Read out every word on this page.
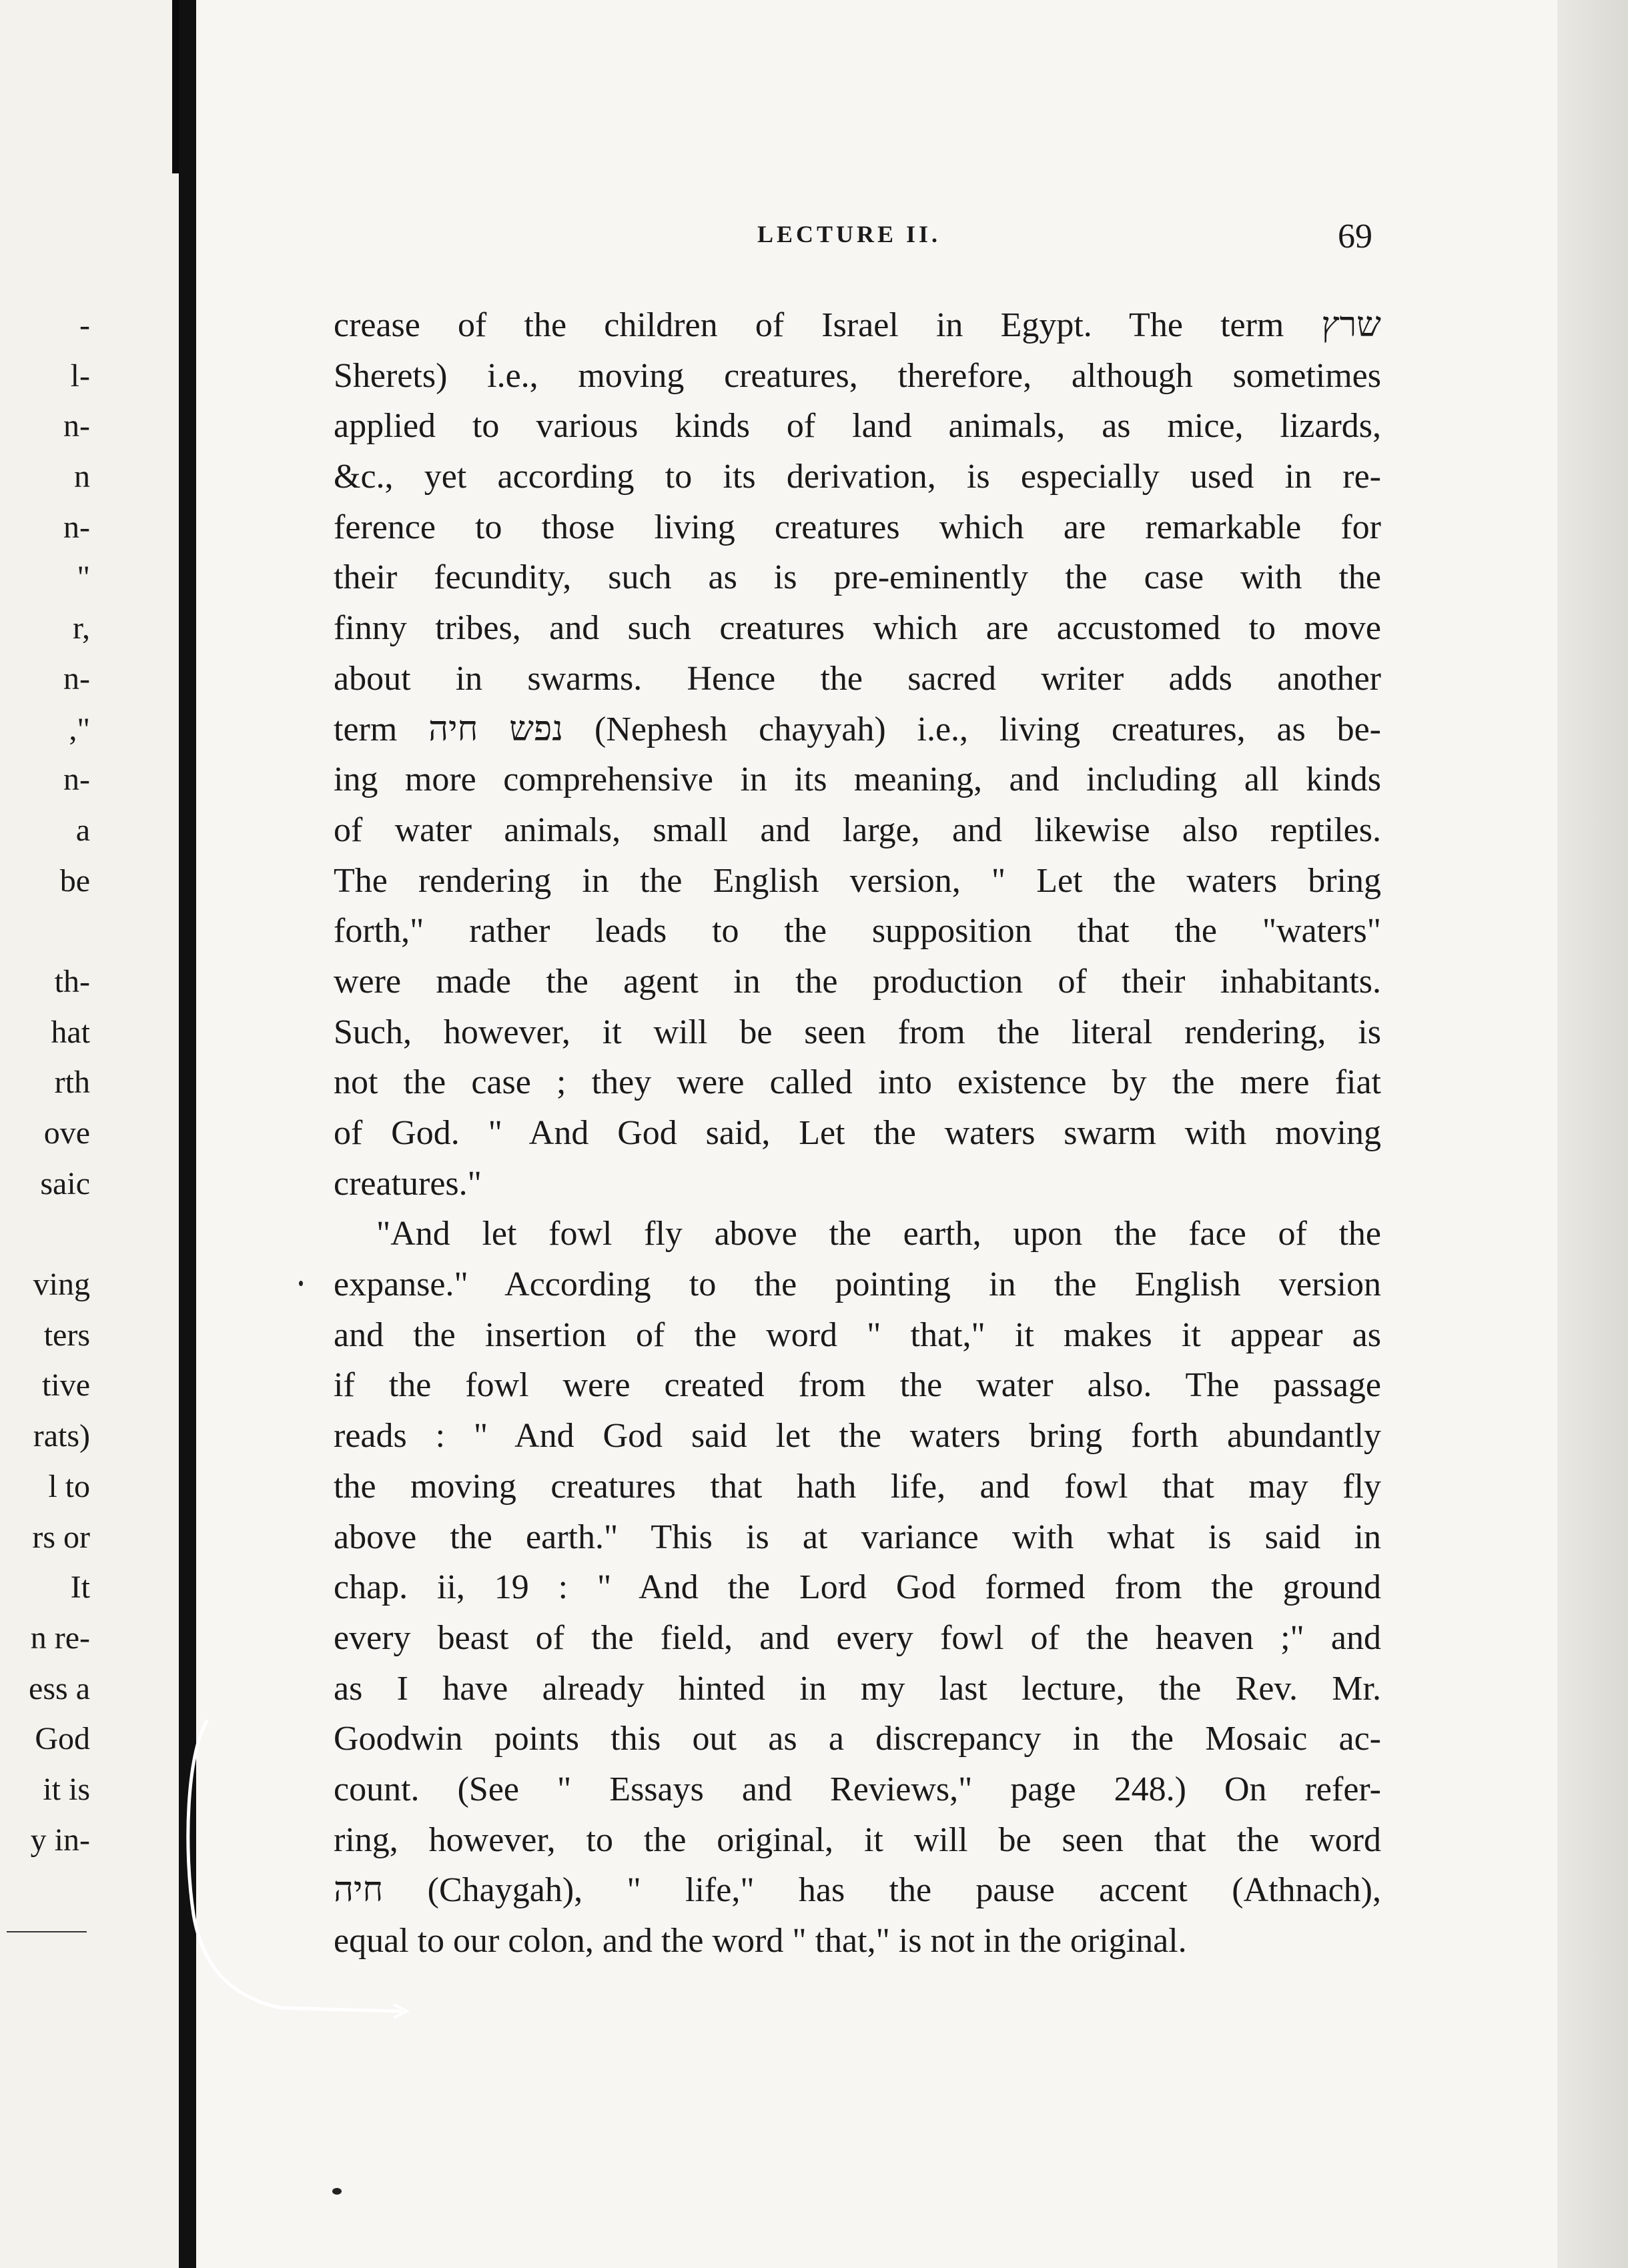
-
l-
n-
n
n-
"
r,
n-
,"
n-
a
be
th-
hat
rth
ove
saic
ving
ters
tive
rats)
l to
rs or
It
n re-
ess a
God
it is
y in-
LECTURE II.	69
crease of the children of Israel in Egypt. The term שרץ
Sherets) i.e., moving creatures, therefore, although sometimes
applied to various kinds of land animals, as mice, lizards,
&c., yet according to its derivation, is especially used in re-
ference to those living creatures which are remarkable for
their fecundity, such as is pre-eminently the case with the
finny tribes, and such creatures which are accustomed to move
about in swarms. Hence the sacred writer adds another
term נפש חיה (Nephesh chayyah) i.e., living creatures, as be-
ing more comprehensive in its meaning, and including all kinds
of water animals, small and large, and likewise also reptiles.
The rendering in the English version, " Let the waters bring
forth," rather leads to the supposition that the "waters"
were made the agent in the production of their inhabitants.
Such, however, it will be seen from the literal rendering, is
not the case ; they were called into existence by the mere fiat
of God. " And God said, Let the waters swarm with moving
creatures."
"And let fowl fly above the earth, upon the face of the
expanse." According to the pointing in the English version
and the insertion of the word " that," it makes it appear as
if the fowl were created from the water also. The passage
reads : " And God said let the waters bring forth abundantly
the moving creatures that hath life, and fowl that may fly
above the earth." This is at variance with what is said in
chap. ii, 19 : " And the Lord God formed from the ground
every beast of the field, and every fowl of the heaven ;" and
as I have already hinted in my last lecture, the Rev. Mr.
Goodwin points this out as a discrepancy in the Mosaic ac-
count. (See " Essays and Reviews," page 248.) On refer-
ring, however, to the original, it will be seen that the word
חיה (Chaygah), " life," has the pause accent (Athnach),
equal to our colon, and the word " that," is not in the original.
